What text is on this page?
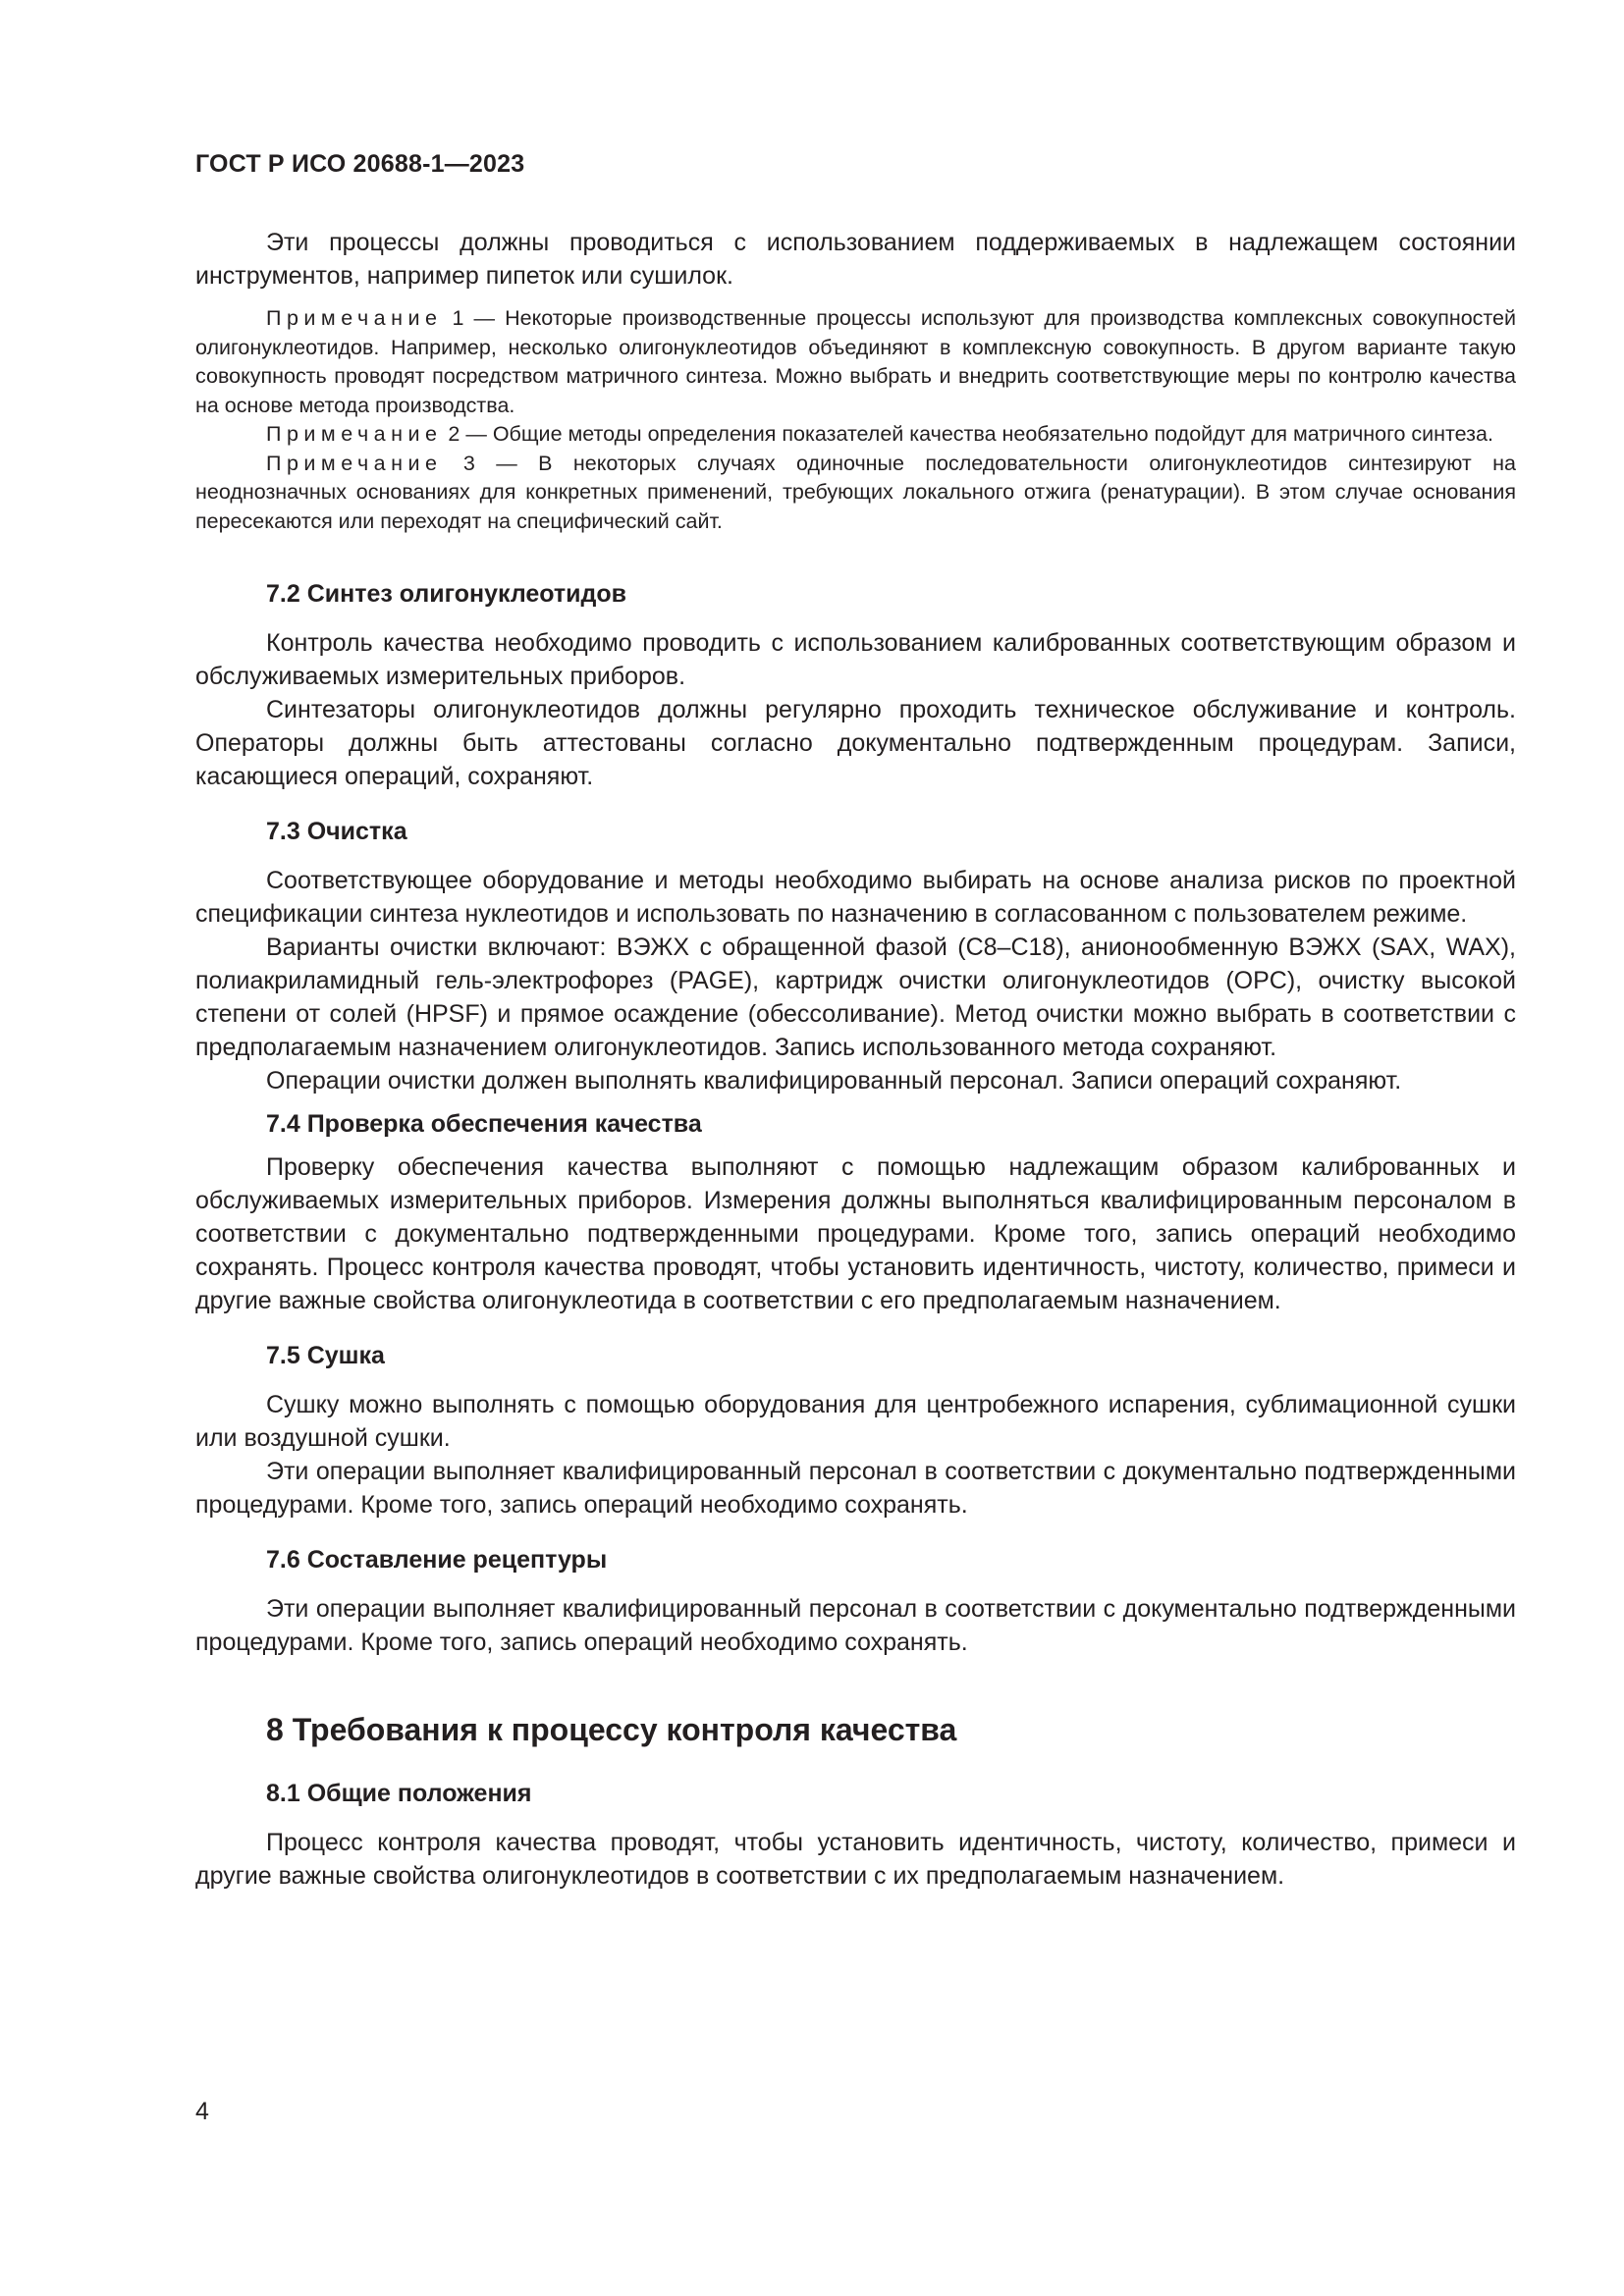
ГОСТ Р ИСО 20688-1—2023

Эти процессы должны проводиться с использованием поддерживаемых в надлежащем состоянии инструментов, например пипеток или сушилок.

Примечание 1 — Некоторые производственные процессы используют для производства комплексных совокупностей олигонуклеотидов. Например, несколько олигонуклеотидов объединяют в комплексную совокупность. В другом варианте такую совокупность проводят посредством матричного синтеза. Можно выбрать и внедрить соответствующие меры по контролю качества на основе метода производства.

Примечание 2 — Общие методы определения показателей качества необязательно подойдут для матричного синтеза.

Примечание 3 — В некоторых случаях одиночные последовательности олигонуклеотидов синтезируют на неоднозначных основаниях для конкретных применений, требующих локального отжига (ренатурации). В этом случае основания пересекаются или переходят на специфический сайт.

7.2 Синтез олигонуклеотидов

Контроль качества необходимо проводить с использованием калиброванных соответствующим образом и обслуживаемых измерительных приборов.

Синтезаторы олигонуклеотидов должны регулярно проходить техническое обслуживание и контроль. Операторы должны быть аттестованы согласно документально подтвержденным процедурам. Записи, касающиеся операций, сохраняют.

7.3 Очистка

Соответствующее оборудование и методы необходимо выбирать на основе анализа рисков по проектной спецификации синтеза нуклеотидов и использовать по назначению в согласованном с пользователем режиме.

Варианты очистки включают: ВЭЖХ с обращенной фазой (С8–С18), анионообменную ВЭЖХ (SAX, WAX), полиакриламидный гель-электрофорез (PAGE), картридж очистки олигонуклеотидов (OPC), очистку высокой степени от солей (HPSF) и прямое осаждение (обессоливание). Метод очистки можно выбрать в соответствии с предполагаемым назначением олигонуклеотидов. Запись использованного метода сохраняют.

Операции очистки должен выполнять квалифицированный персонал. Записи операций сохраняют.

7.4 Проверка обеспечения качества

Проверку обеспечения качества выполняют с помощью надлежащим образом калиброванных и обслуживаемых измерительных приборов. Измерения должны выполняться квалифицированным персоналом в соответствии с документально подтвержденными процедурами. Кроме того, запись операций необходимо сохранять. Процесс контроля качества проводят, чтобы установить идентичность, чистоту, количество, примеси и другие важные свойства олигонуклеотида в соответствии с его предполагаемым назначением.

7.5 Сушка

Сушку можно выполнять с помощью оборудования для центробежного испарения, сублимационной сушки или воздушной сушки.

Эти операции выполняет квалифицированный персонал в соответствии с документально подтвержденными процедурами. Кроме того, запись операций необходимо сохранять.

7.6 Составление рецептуры

Эти операции выполняет квалифицированный персонал в соответствии с документально подтвержденными процедурами. Кроме того, запись операций необходимо сохранять.

8 Требования к процессу контроля качества
8.1 Общие положения

Процесс контроля качества проводят, чтобы установить идентичность, чистоту, количество, примеси и другие важные свойства олигонуклеотидов в соответствии с их предполагаемым назначением.

4
